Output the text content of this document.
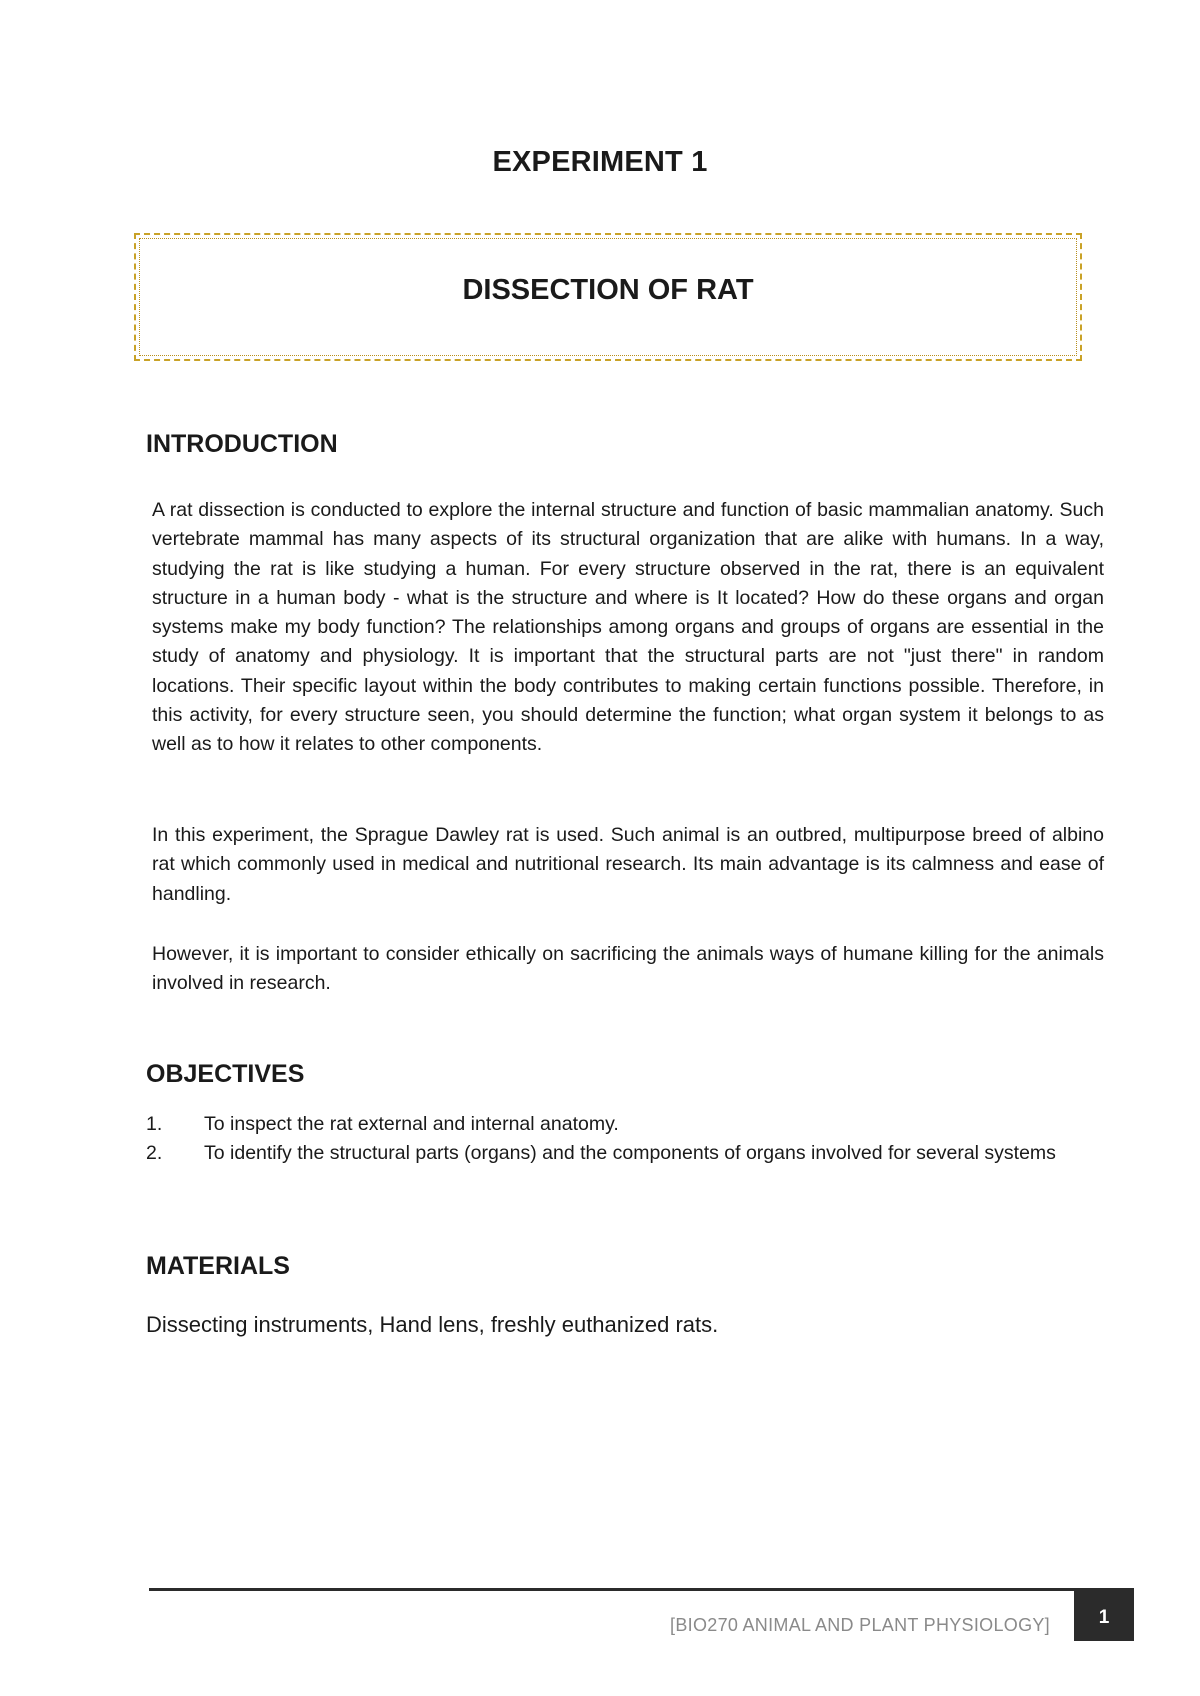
EXPERIMENT 1
DISSECTION OF RAT
INTRODUCTION

A rat dissection is conducted to explore the internal structure and function of basic mammalian anatomy. Such vertebrate mammal has many aspects of its structural organization that are alike with humans. In a way, studying the rat is like studying a human. For every structure observed in the rat, there is an equivalent structure in a human body - what is the structure and where is It located? How do these organs and organ systems make my body function? The relationships among organs and groups of organs are essential in the study of anatomy and physiology. It is important that the structural parts are not "just there" in random locations. Their specific layout within the body contributes to making certain functions possible. Therefore, in this activity, for every structure seen, you should determine the function; what organ system it belongs to as well as to how it relates to other components.

In this experiment, the Sprague Dawley rat is used. Such animal is an outbred, multipurpose breed of albino rat which commonly used in medical and nutritional research. Its main advantage is its calmness and ease of handling.

However, it is important to consider ethically on sacrificing the animals ways of humane killing for the animals involved in research.

OBJECTIVES
1. To inspect the rat external and internal anatomy.
2. To identify the structural parts (organs) and the components of organs involved for several systems
MATERIALS
Dissecting instruments, Hand lens, freshly euthanized rats.
[BIO270 ANIMAL AND PLANT PHYSIOLOGY]	1
